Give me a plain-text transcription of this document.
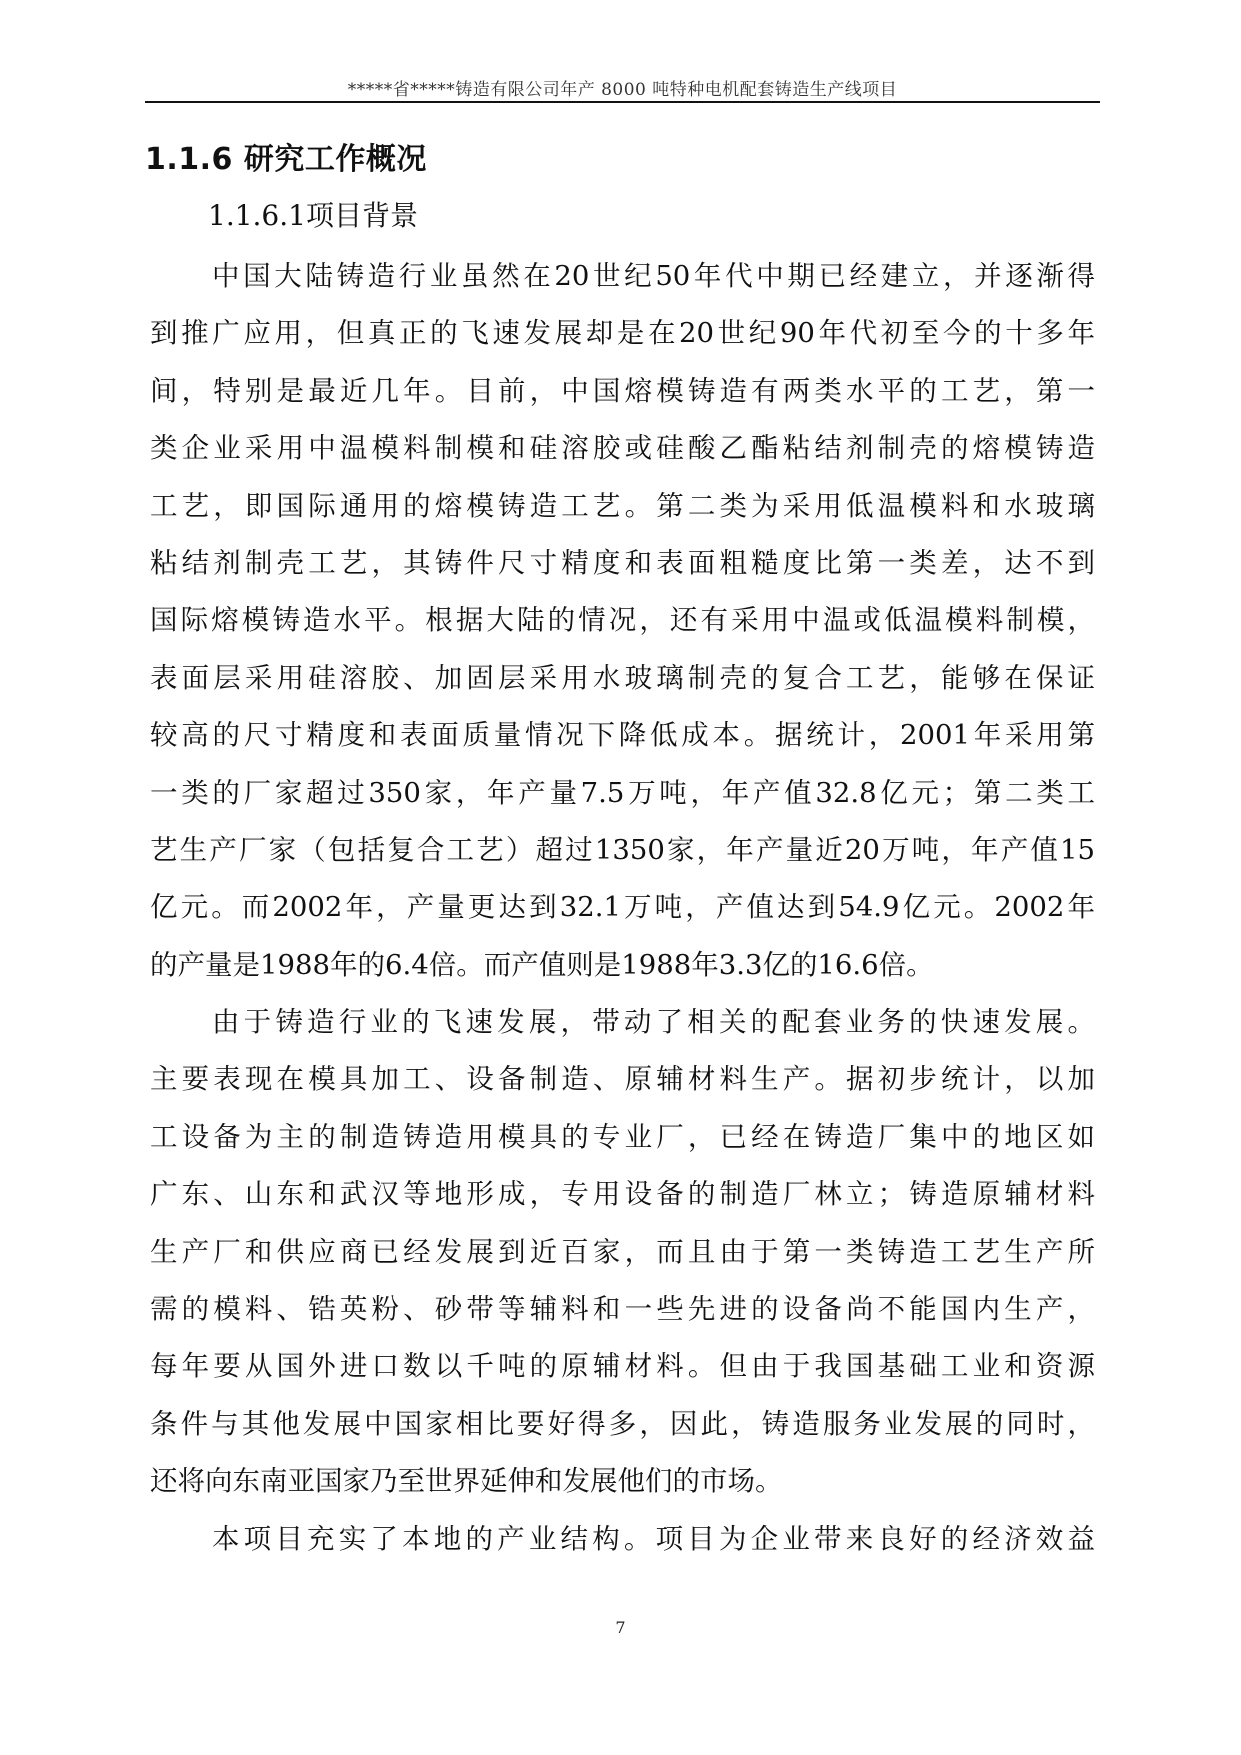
*****省*****铸造有限公司年产 8000 吨特种电机配套铸造生产线项目
1.1.6 研究工作概况
1.1.6.1项目背景
中国大陆铸造行业虽然在20世纪50年代中期已经建立，并逐渐得
到推广应用，但真正的飞速发展却是在20世纪90年代初至今的十多年
间，特别是最近几年。目前，中国熔模铸造有两类水平的工艺，第一
类企业采用中温模料制模和硅溶胶或硅酸乙酯粘结剂制壳的熔模铸造
工艺，即国际通用的熔模铸造工艺。第二类为采用低温模料和水玻璃
粘结剂制壳工艺，其铸件尺寸精度和表面粗糙度比第一类差，达不到
国际熔模铸造水平。根据大陆的情况，还有采用中温或低温模料制模，
表面层采用硅溶胶、加固层采用水玻璃制壳的复合工艺，能够在保证
较高的尺寸精度和表面质量情况下降低成本。据统计，2001年采用第
一类的厂家超过350家，年产量7.5万吨，年产值32.8亿元；第二类工
艺生产厂家（包括复合工艺）超过1350家，年产量近20万吨，年产值15
亿元。而2002年，产量更达到32.1万吨，产值达到54.9亿元。2002年
的产量是1988年的6.4倍。而产值则是1988年3.3亿的16.6倍。
由于铸造行业的飞速发展，带动了相关的配套业务的快速发展。
主要表现在模具加工、设备制造、原辅材料生产。据初步统计，以加
工设备为主的制造铸造用模具的专业厂，已经在铸造厂集中的地区如
广东、山东和武汉等地形成，专用设备的制造厂林立；铸造原辅材料
生产厂和供应商已经发展到近百家，而且由于第一类铸造工艺生产所
需的模料、锆英粉、砂带等辅料和一些先进的设备尚不能国内生产，
每年要从国外进口数以千吨的原辅材料。但由于我国基础工业和资源
条件与其他发展中国家相比要好得多，因此，铸造服务业发展的同时，
还将向东南亚国家乃至世界延伸和发展他们的市场。
本项目充实了本地的产业结构。项目为企业带来良好的经济效益
7
